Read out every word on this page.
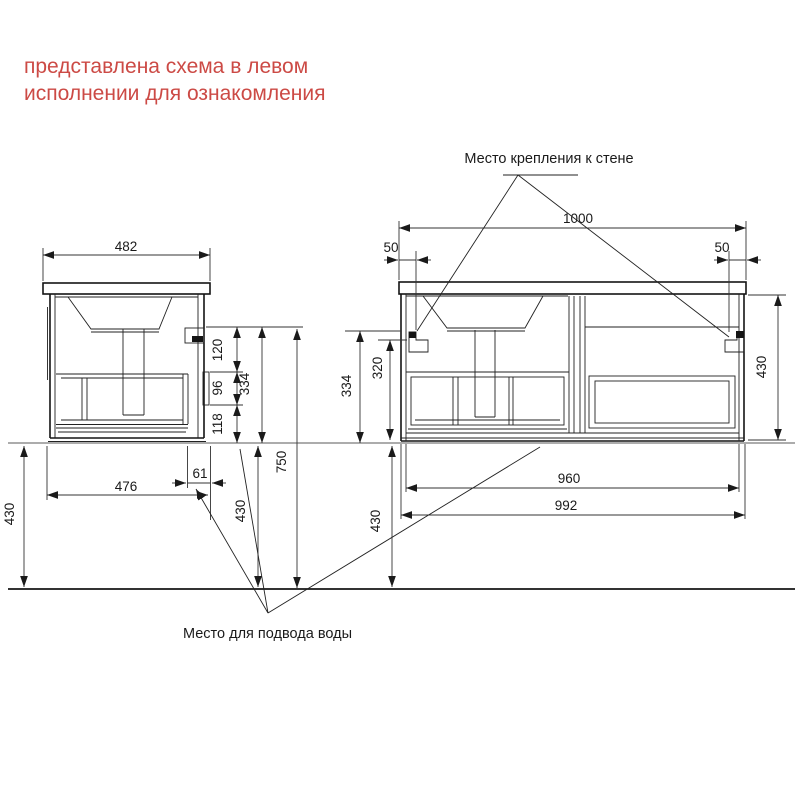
представлена схема в левом
исполнении для ознакомления
482
120
96
118
334
750
430	430
476
61
1000
50	50
430
334
320
430
960
992
Место крепления к стене
Место для подвода воды
